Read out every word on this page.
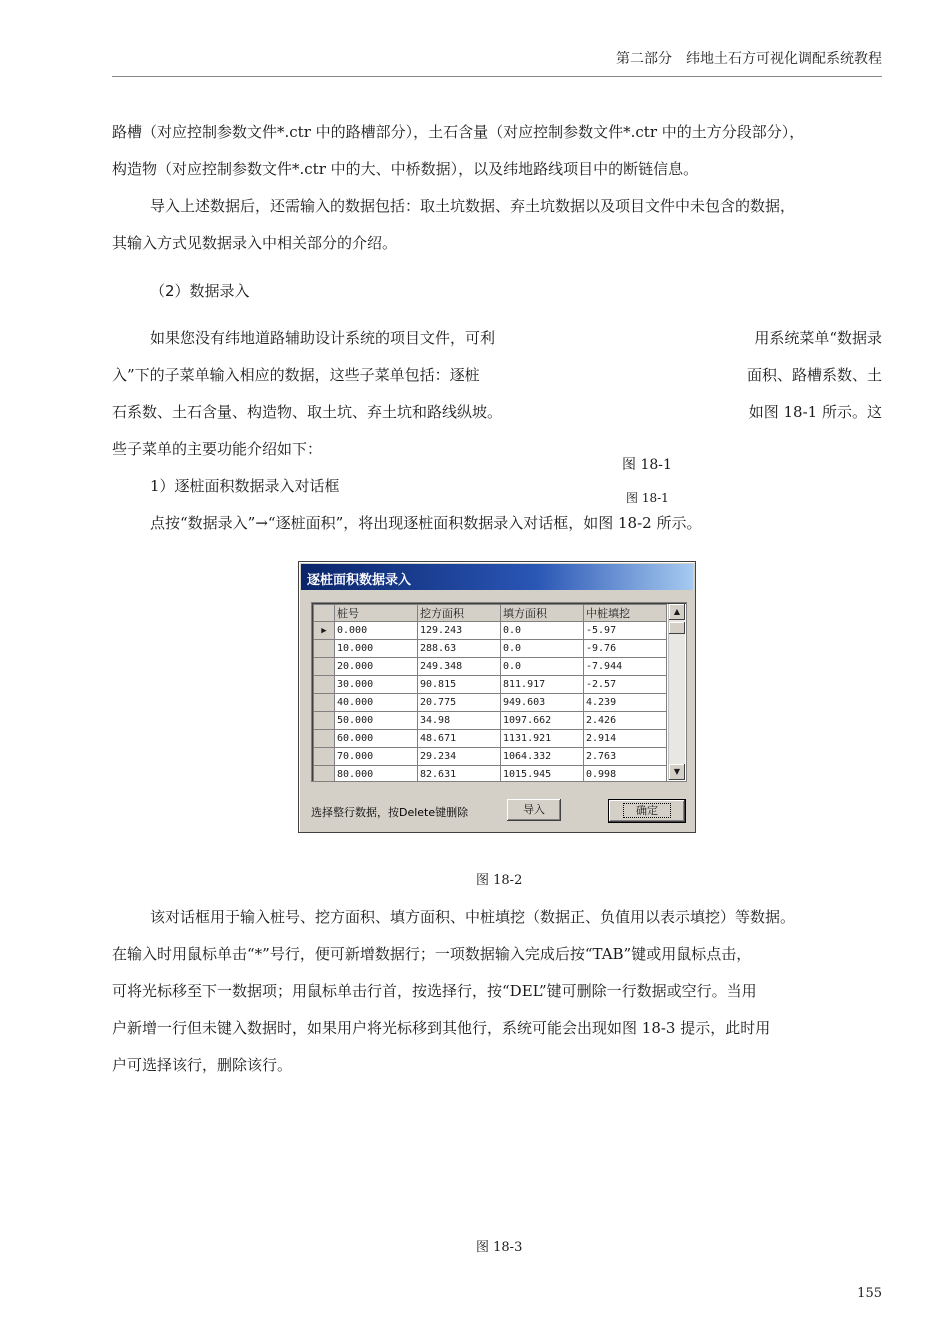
第二部分 纬地土石方可视化调配系统教程
路槽（对应控制参数文件*.ctr 中的路槽部分），土石含量（对应控制参数文件*.ctr 中的土方分段部分），
构造物（对应控制参数文件*.ctr 中的大、中桥数据），以及纬地路线项目中的断链信息。
导入上述数据后，还需输入的数据包括：取土坑数据、弃土坑数据以及项目文件中未包含的数据，
其输入方式见数据录入中相关部分的介绍。
（2）数据录入
如果您没有纬地道路辅助设计系统的项目文件，可利
入”下的子菜单输入相应的数据，这些子菜单包括：逐桩
石系数、土石含量、构造物、取土坑、弃土坑和路线纵坡。
些子菜单的主要功能介绍如下：
用系统菜单“数据录
面积、路槽系数、土
如图 18-1 所示。这
图 18-1
图 18-1
1）逐桩面积数据录入对话框
点按“数据录入”→“逐桩面积”，将出现逐桩面积数据录入对话框，如图 18-2 所示。
逐桩面积数据录入
	桩号	挖方面积	填方面积	中桩填挖
▶	0.000	129.243	0.0	-5.97
	10.000	288.63	0.0	-9.76
	20.000	249.348	0.0	-7.944
	30.000	90.815	811.917	-2.57
	40.000	20.775	949.603	4.239
	50.000	34.98	1097.662	2.426
	60.000	48.671	1131.921	2.914
	70.000	29.234	1064.332	2.763
	80.000	82.631	1015.945	0.998
▲
▼
选择整行数据，按Delete键删除	导入	确定
图 18-2
该对话框用于输入桩号、挖方面积、填方面积、中桩填挖（数据正、负值用以表示填挖）等数据。
在输入时用鼠标单击“*”号行，便可新增数据行；一项数据输入完成后按“TAB”键或用鼠标点击，
可将光标移至下一数据项；用鼠标单击行首，按选择行，按“DEL”键可删除一行数据或空行。当用
户新增一行但未键入数据时，如果用户将光标移到其他行，系统可能会出现如图 18-3 提示，此时用
户可选择该行，删除该行。
图 18-3
155
